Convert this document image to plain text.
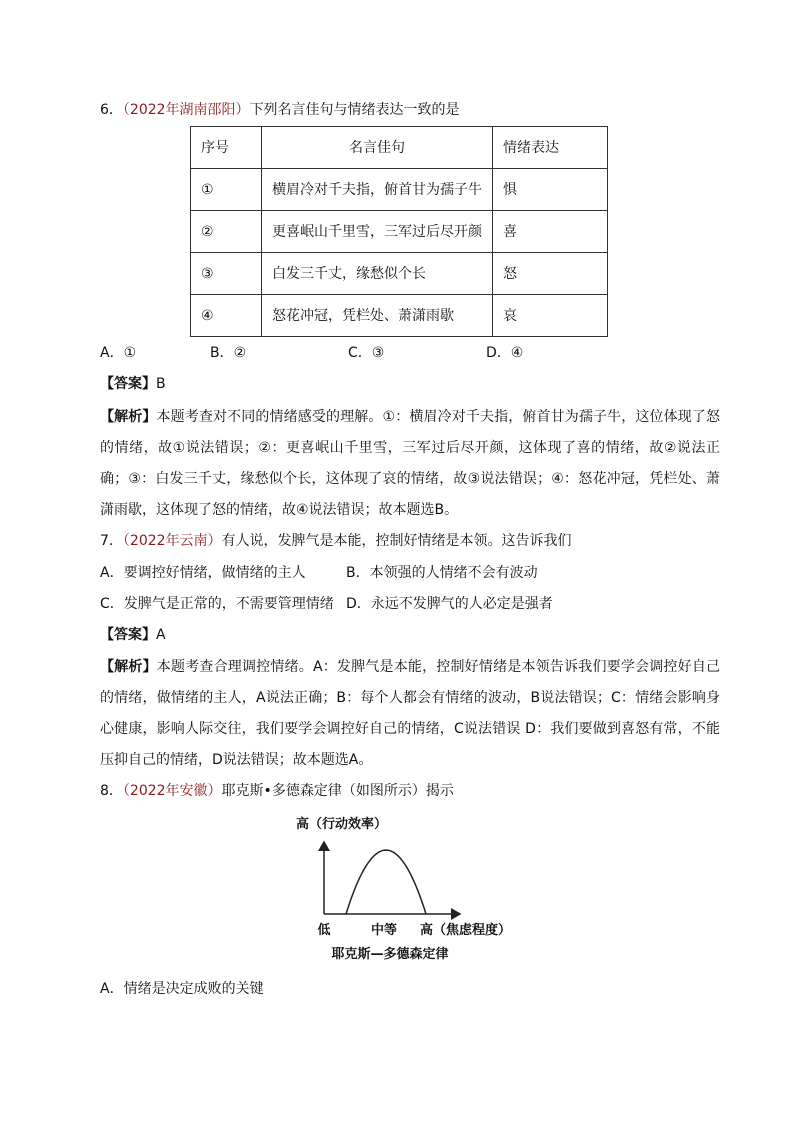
6．（2022年湖南邵阳）下列名言佳句与情绪表达一致的是
序号	名言佳句	情绪表达
①	横眉冷对千夫指，俯首甘为孺子牛	惧
②	更喜岷山千里雪，三军过后尽开颜	喜
③	白发三千丈，缘愁似个长	怒
④	怒花冲冠，凭栏处、萧潇雨歇	哀
A．①	B．②	C．③	D．④
【答案】B
【解析】本题考查对不同的情绪感受的理解。①：横眉冷对千夫指，俯首甘为孺子牛，这位体现了怒的情绪，故①说法错误；②：更喜岷山千里雪，三军过后尽开颜，这体现了喜的情绪，故②说法正确；③：白发三千丈，缘愁似个长，这体现了哀的情绪，故③说法错误；④：怒花冲冠，凭栏处、萧潇雨歇，这体现了怒的情绪，故④说法错误；故本题选B。
7．（2022年云南）有人说，发脾气是本能，控制好情绪是本领。这告诉我们
A．要调控好情绪，做情绪的主人	B．本领强的人情绪不会有波动
C．发脾气是正常的，不需要管理情绪 D．永远不发脾气的人必定是强者
【答案】A
【解析】本题考查合理调控情绪。A：发脾气是本能，控制好情绪是本领告诉我们要学会调控好自己的情绪，做情绪的主人，A说法正确；B：每个人都会有情绪的波动，B说法错误；C：情绪会影响身心健康，影响人际交往，我们要学会调控好自己的情绪，C说法错误 D：我们要做到喜怒有常，不能压抑自己的情绪，D说法错误；故本题选A。
8．（2022年安徽）耶克斯•多德森定律（如图所示）揭示
高（行动效率）
低	中等 高（焦虑程度）
耶克斯—多德森定律
A．情绪是决定成败的关键
